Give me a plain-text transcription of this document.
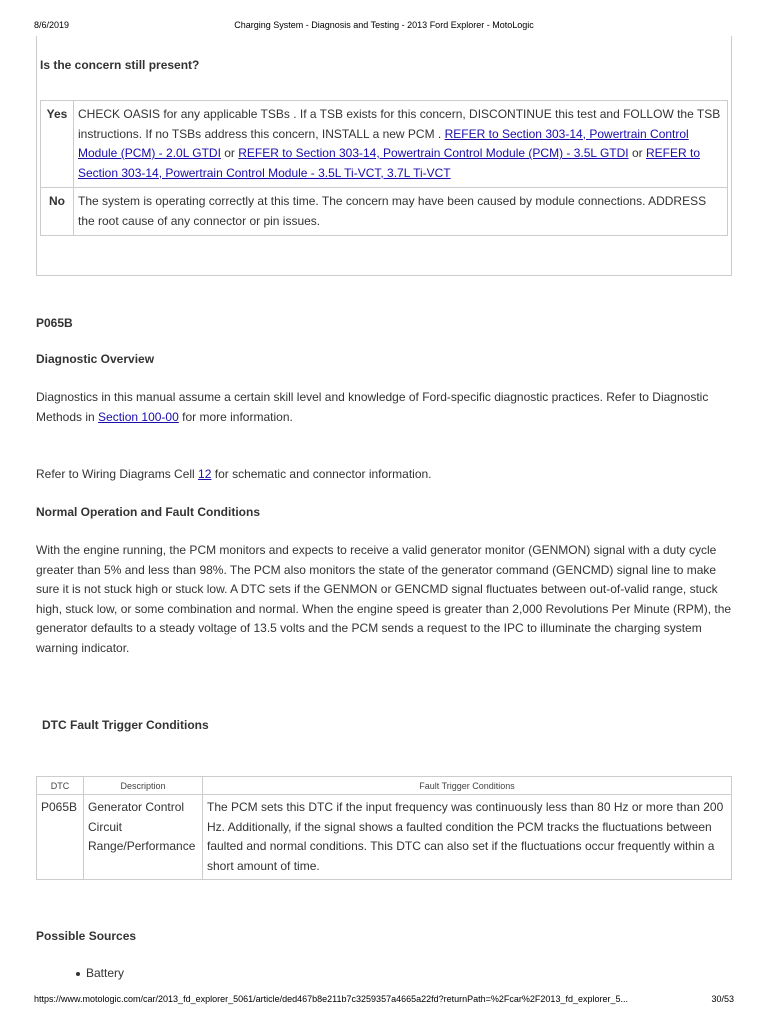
8/6/2019	Charging System - Diagnosis and Testing - 2013 Ford Explorer - MotoLogic
Is the concern still present?
Yes	CHECK OASIS for any applicable TSBs . If a TSB exists for this concern, DISCONTINUE this test and FOLLOW the TSB instructions. If no TSBs address this concern, INSTALL a new PCM . REFER to Section 303-14, Powertrain Control Module (PCM) - 2.0L GTDI or REFER to Section 303-14, Powertrain Control Module (PCM) - 3.5L GTDI or REFER to Section 303-14, Powertrain Control Module - 3.5L Ti-VCT, 3.7L Ti-VCT
No	The system is operating correctly at this time. The concern may have been caused by module connections. ADDRESS the root cause of any connector or pin issues.
P065B
Diagnostic Overview
Diagnostics in this manual assume a certain skill level and knowledge of Ford-specific diagnostic practices. Refer to Diagnostic Methods in Section 100-00 for more information.
Refer to Wiring Diagrams Cell 12 for schematic and connector information.
Normal Operation and Fault Conditions
With the engine running, the PCM monitors and expects to receive a valid generator monitor (GENMON) signal with a duty cycle greater than 5% and less than 98%. The PCM also monitors the state of the generator command (GENCMD) signal line to make sure it is not stuck high or stuck low. A DTC sets if the GENMON or GENCMD signal fluctuates between out-of-valid range, stuck high, stuck low, or some combination and normal. When the engine speed is greater than 2,000 Revolutions Per Minute (RPM), the generator defaults to a steady voltage of 13.5 volts and the PCM sends a request to the IPC to illuminate the charging system warning indicator.
DTC Fault Trigger Conditions
DTC	Description	Fault Trigger Conditions
P065B	Generator Control Circuit Range/Performance	The PCM sets this DTC if the input frequency was continuously less than 80 Hz or more than 200 Hz. Additionally, if the signal shows a faulted condition the PCM tracks the fluctuations between faulted and normal conditions. This DTC can also set if the fluctuations occur frequently within a short amount of time.
Possible Sources
Battery
https://www.motologic.com/car/2013_fd_explorer_5061/article/ded467b8e211b7c3259357a4665a22fd?returnPath=%2Fcar%2F2013_fd_explorer_5...	30/53
